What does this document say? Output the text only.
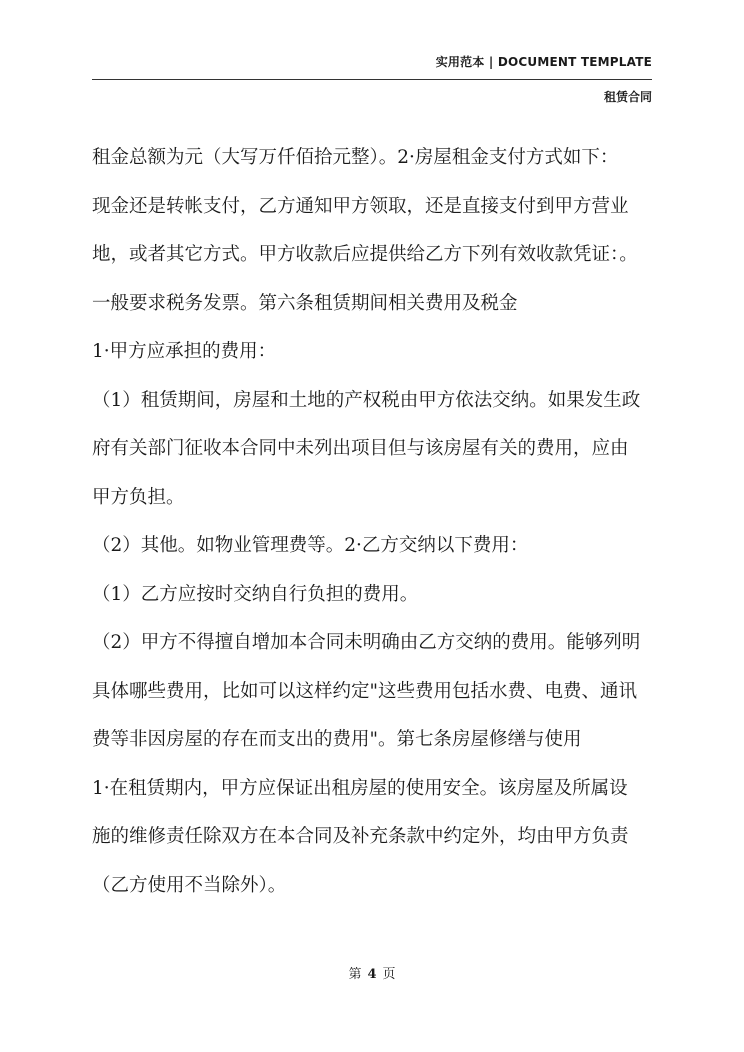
实用范本 | DOCUMENT TEMPLATE
租赁合同
租金总额为元（大写万仟佰拾元整）。2·房屋租金支付方式如下：
现金还是转帐支付，乙方通知甲方领取，还是直接支付到甲方营业
地，或者其它方式。甲方收款后应提供给乙方下列有效收款凭证：。
一般要求税务发票。第六条租赁期间相关费用及税金
1·甲方应承担的费用：
（1）租赁期间，房屋和土地的产权税由甲方依法交纳。如果发生政
府有关部门征收本合同中未列出项目但与该房屋有关的费用，应由
甲方负担。
（2）其他。如物业管理费等。2·乙方交纳以下费用：
（1）乙方应按时交纳自行负担的费用。
（2）甲方不得擅自增加本合同未明确由乙方交纳的费用。能够列明
具体哪些费用，比如可以这样约定"这些费用包括水费、电费、通讯
费等非因房屋的存在而支出的费用"。第七条房屋修缮与使用
1·在租赁期内，甲方应保证出租房屋的使用安全。该房屋及所属设
施的维修责任除双方在本合同及补充条款中约定外，均由甲方负责
（乙方使用不当除外）。
第 4 页
